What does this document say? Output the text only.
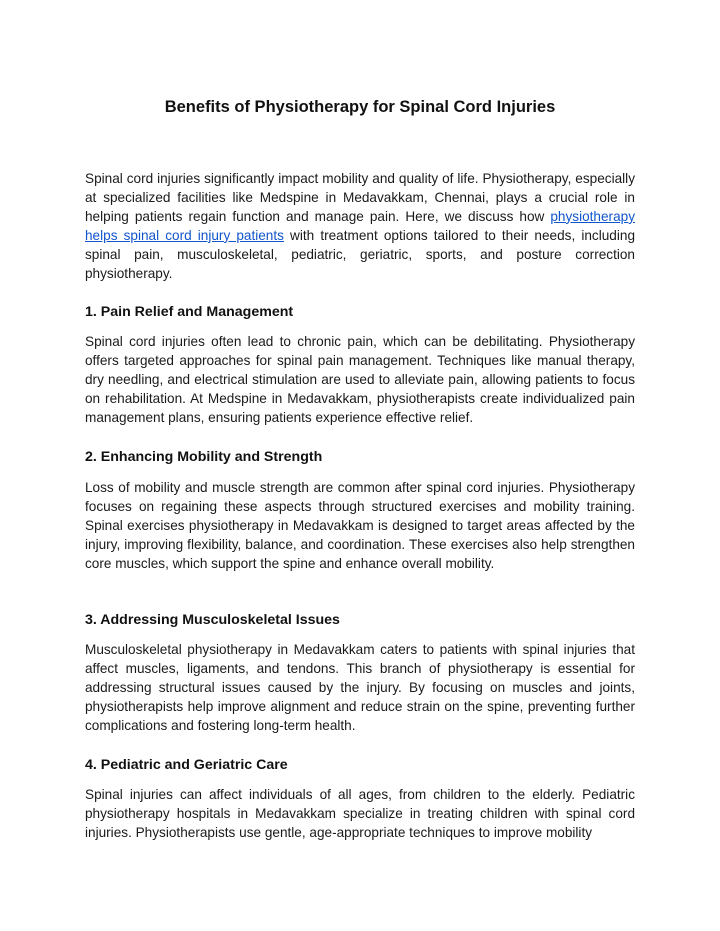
Benefits of Physiotherapy for Spinal Cord Injuries

Spinal cord injuries significantly impact mobility and quality of life. Physiotherapy, especially at specialized facilities like Medspine in Medavakkam, Chennai, plays a crucial role in helping patients regain function and manage pain. Here, we discuss how physiotherapy helps spinal cord injury patients with treatment options tailored to their needs, including spinal pain, musculoskeletal, pediatric, geriatric, sports, and posture correction physiotherapy.

1. Pain Relief and Management

Spinal cord injuries often lead to chronic pain, which can be debilitating. Physiotherapy offers targeted approaches for spinal pain management. Techniques like manual therapy, dry needling, and electrical stimulation are used to alleviate pain, allowing patients to focus on rehabilitation. At Medspine in Medavakkam, physiotherapists create individualized pain management plans, ensuring patients experience effective relief.

2. Enhancing Mobility and Strength

Loss of mobility and muscle strength are common after spinal cord injuries. Physiotherapy focuses on regaining these aspects through structured exercises and mobility training. Spinal exercises physiotherapy in Medavakkam is designed to target areas affected by the injury, improving flexibility, balance, and coordination. These exercises also help strengthen core muscles, which support the spine and enhance overall mobility.

3. Addressing Musculoskeletal Issues

Musculoskeletal physiotherapy in Medavakkam caters to patients with spinal injuries that affect muscles, ligaments, and tendons. This branch of physiotherapy is essential for addressing structural issues caused by the injury. By focusing on muscles and joints, physiotherapists help improve alignment and reduce strain on the spine, preventing further complications and fostering long-term health.

4. Pediatric and Geriatric Care

Spinal injuries can affect individuals of all ages, from children to the elderly. Pediatric physiotherapy hospitals in Medavakkam specialize in treating children with spinal cord injuries. Physiotherapists use gentle, age-appropriate techniques to improve mobility
